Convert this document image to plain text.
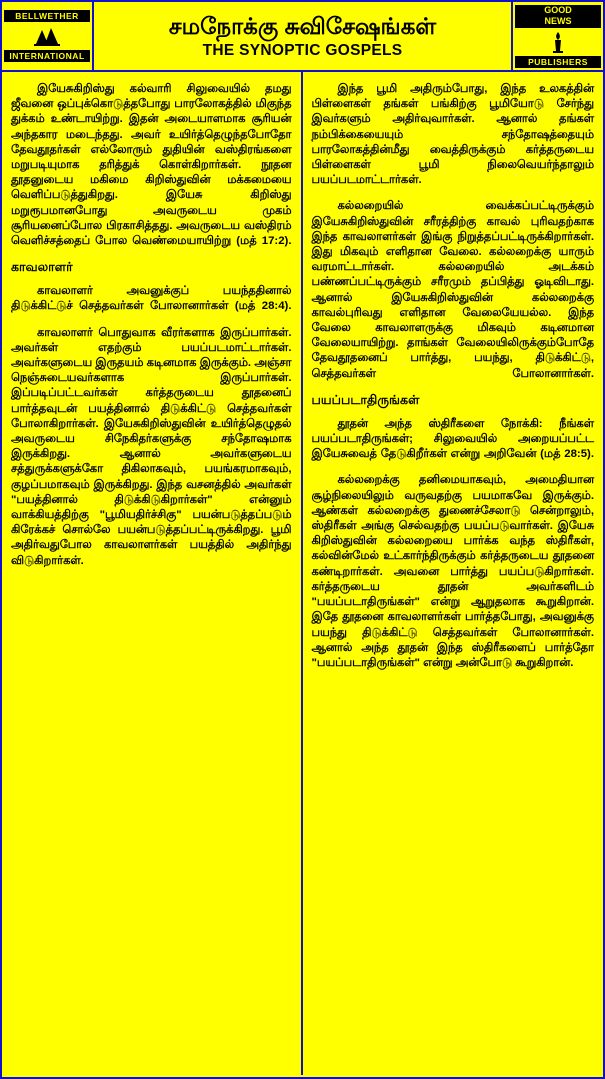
BELLWETHER
INTERNATIONAL
சமநோக்கு சுவிசேஷங்கள்
THE SYNOPTIC GOSPELS
GOOD
NEWS
PUBLISHERS

இயேசுகிறிஸ்து கல்வாரி சிலுவையில் தமது ஜீவனை ஒப்புக்கொடுத்தபோது பாரலோகத்தில் மிகுந்த துக்கம் உண்டாயிற்று. இதன் அடையாளமாக சூரியன் அந்தகார மடைந்தது. அவர் உயிர்த்தெழுந்தபோதோ தேவதூதர்கள் எல்லோரும் துதியின் வஸ்திரங்களை மறுபடியுமாக தரித்துக் கொள்கிறார்கள். நூதன தூதனுடைய மகிமை கிறிஸ்துவின் மக்கமையை வெளிப்படுத்துகிறது. இயேசு கிறிஸ்து மறுரூபமானபோது அவருடைய முகம் சூரியனைப்போல பிரகாசித்தது. அவருடைய வஸ்திரம் வெளிச்சத்தைப் போல வெண்மையாயிற்று (மத் 17:2).

காவலாளர்

காவலாளர் அவனுக்குப் பயந்ததினால் திடுக்கிட்டுச் செத்தவர்கள் போலானார்கள் (மத் 28:4).

காவலாளர் பொதுவாக வீரர்களாக இருப்பார்கள். அவர்கள் எதற்கும் பயப்படமாட்டார்கள். அவர்களுடைய இருதயம் கடினமாக இருக்கும். அஞ்சா நெஞ்சுடையவர்களாக இருப்பார்கள். இப்படிப்பட்டவர்கள் கர்த்தருடைய தூதனைப் பார்த்தவுடன் பயத்தினால் திடுக்கிட்டு செத்தவர்கள் போலாகிறார்கள். இயேசுகிறிஸ்துவின் உயிர்த்தெழுதல் அவருடைய சிநேகிதர்களுக்கு சந்தோஷமாக இருக்கிறது. ஆனால் அவர்களுடைய சத்துருக்களுக்கோ திகிலாகவும், பயங்கரமாகவும், குழப்பமாகவும் இருக்கிறது. இந்த வசனத்தில் அவர்கள் "பயத்தினால் திடுக்கிடுகிறார்கள்" என்னும் வாக்கியத்திற்கு "பூமியதிர்ச்சிகு" பயன்படுத்தப்படும் கிரேக்கச் சொல்லே பயன்படுத்தப்பட்டிருக்கிறது. பூமி அதிர்வதுபோல காவலாளர்கள் பயத்தில் அதிர்ந்து விடுகிறார்கள்.

இந்த பூமி அதிரும்போது, இந்த உலகத்தின் பிள்ளைகள் தங்கள் பங்கிற்கு பூமியோடு சேர்ந்து இவர்களும் அதிர்வுவார்கள். ஆனால் தங்கள் நம்பிக்கையையும் சந்தோஷத்தையும் பாரலோகத்தின்மீது வைத்திருக்கும் கர்த்தருடைய பிள்ளைகள் பூமி நிலைவெயர்ந்தாலும் பயப்படமாட்டார்கள்.

கல்லறையில் வைக்கப்பட்டிருக்கும் இயேசுகிறிஸ்துவின் சரீரத்திற்கு காவல் புரிவதற்காக இந்த காவலாளர்கள் இங்கு நிறுத்தப்பட்டிருக்கிறார்கள். இது மிகவும் எளிதான வேலை. கல்லறைக்கு யாரும் வரமாட்டார்கள். கல்லறையில் அடக்கம் பண்ணப்பட்டிருக்கும் சரீரமும் தப்பித்து ஓடிவிடாது. ஆனால் இயேசுகிறிஸ்துவின் கல்லறைக்கு காவல்புரிவது எளிதான வேலையேயல்ல. இந்த வேலை காவலாளருக்கு மிகவும் கடினமான வேலையாயிற்று. தாங்கள் வேலையிலிருக்கும்போதே தேவதூதனைப் பார்த்து, பயந்து, திடுக்கிட்டு, செத்தவர்கள் போலானார்கள்.

பயப்படாதிருங்கள்

தூதன் அந்த ஸ்திரீகளை நோக்கி: நீங்கள் பயப்படாதிருங்கள்; சிலுவையில் அறையப்பட்ட இயேசுவைத் தேடுகிறீர்கள் என்று அறிவேன் (மத் 28:5).

கல்லறைக்கு தனிமையாகவும், அமைதியான சூழ்நிலையிலும் வருவதற்கு பயமாகவே இருக்கும். ஆண்கள் கல்லறைக்கு துணைச்சேலாடு சென்றாலும், ஸ்திரீகள் அங்கு செல்வதற்கு பயப்படுவார்கள். இயேசு கிறிஸ்துவின் கல்லறையை பார்க்க வந்த ஸ்திரீகள், கல்வின்மேல் உட்கார்ந்திருக்கும் கர்த்தருடைய தூதனை கண்டிறார்கள். அவனை பார்த்து பயப்படுகிறார்கள். கர்த்தருடைய தூதன் அவர்களிடம் "பயப்படாதிருங்கள்" என்று ஆறுதலாக கூறுகிறான். இதே தூதனை காவலாளர்கள் பார்த்தபோது, அவனுக்கு பயந்து திடுக்கிட்டு செத்தவர்கள் போலானார்கள். ஆனால் அந்த தூதன் இந்த ஸ்திரீகளைப் பார்த்தோ "பயப்படாதிருங்கள்" என்று அன்போடு கூறுகிறான்.
